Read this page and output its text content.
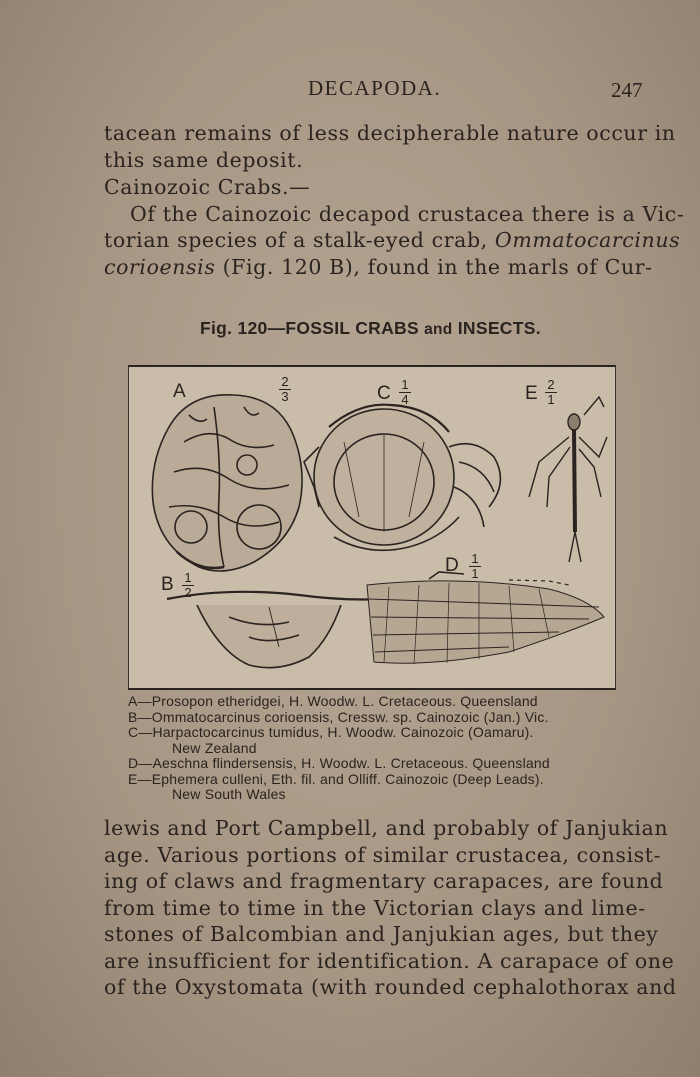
DECAPODA.	247
tacean remains of less decipherable nature occur in
this same deposit.
Cainozoic Crabs.—
Of the Cainozoic decapod crustacea there is a Vic-
torian species of a stalk-eyed crab, Ommatocarcinus
corioensis (Fig. 120 B), found in the marls of Cur-
Fig. 120—FOSSIL CRABS and INSECTS.
A	2
3	C 1
4	E 2
1
B 1
2
D 1
1
A—Prosopon etheridgei, H. Woodw. L. Cretaceous. Queensland
B—Ommatocarcinus corioensis, Cressw. sp. Cainozoic (Jan.) Vic.
C—Harpactocarcinus tumidus, H. Woodw. Cainozoic (Oamaru).
New Zealand
D—Aeschna flindersensis, H. Woodw. L. Cretaceous. Queensland
E—Ephemera culleni, Eth. fil. and Olliff. Cainozoic (Deep Leads).
New South Wales
lewis and Port Campbell, and probably of Janjukian
age. Various portions of similar crustacea, consist-
ing of claws and fragmentary carapaces, are found
from time to time in the Victorian clays and lime-
stones of Balcombian and Janjukian ages, but they
are insufficient for identification. A carapace of one
of the Oxystomata (with rounded cephalothorax and
